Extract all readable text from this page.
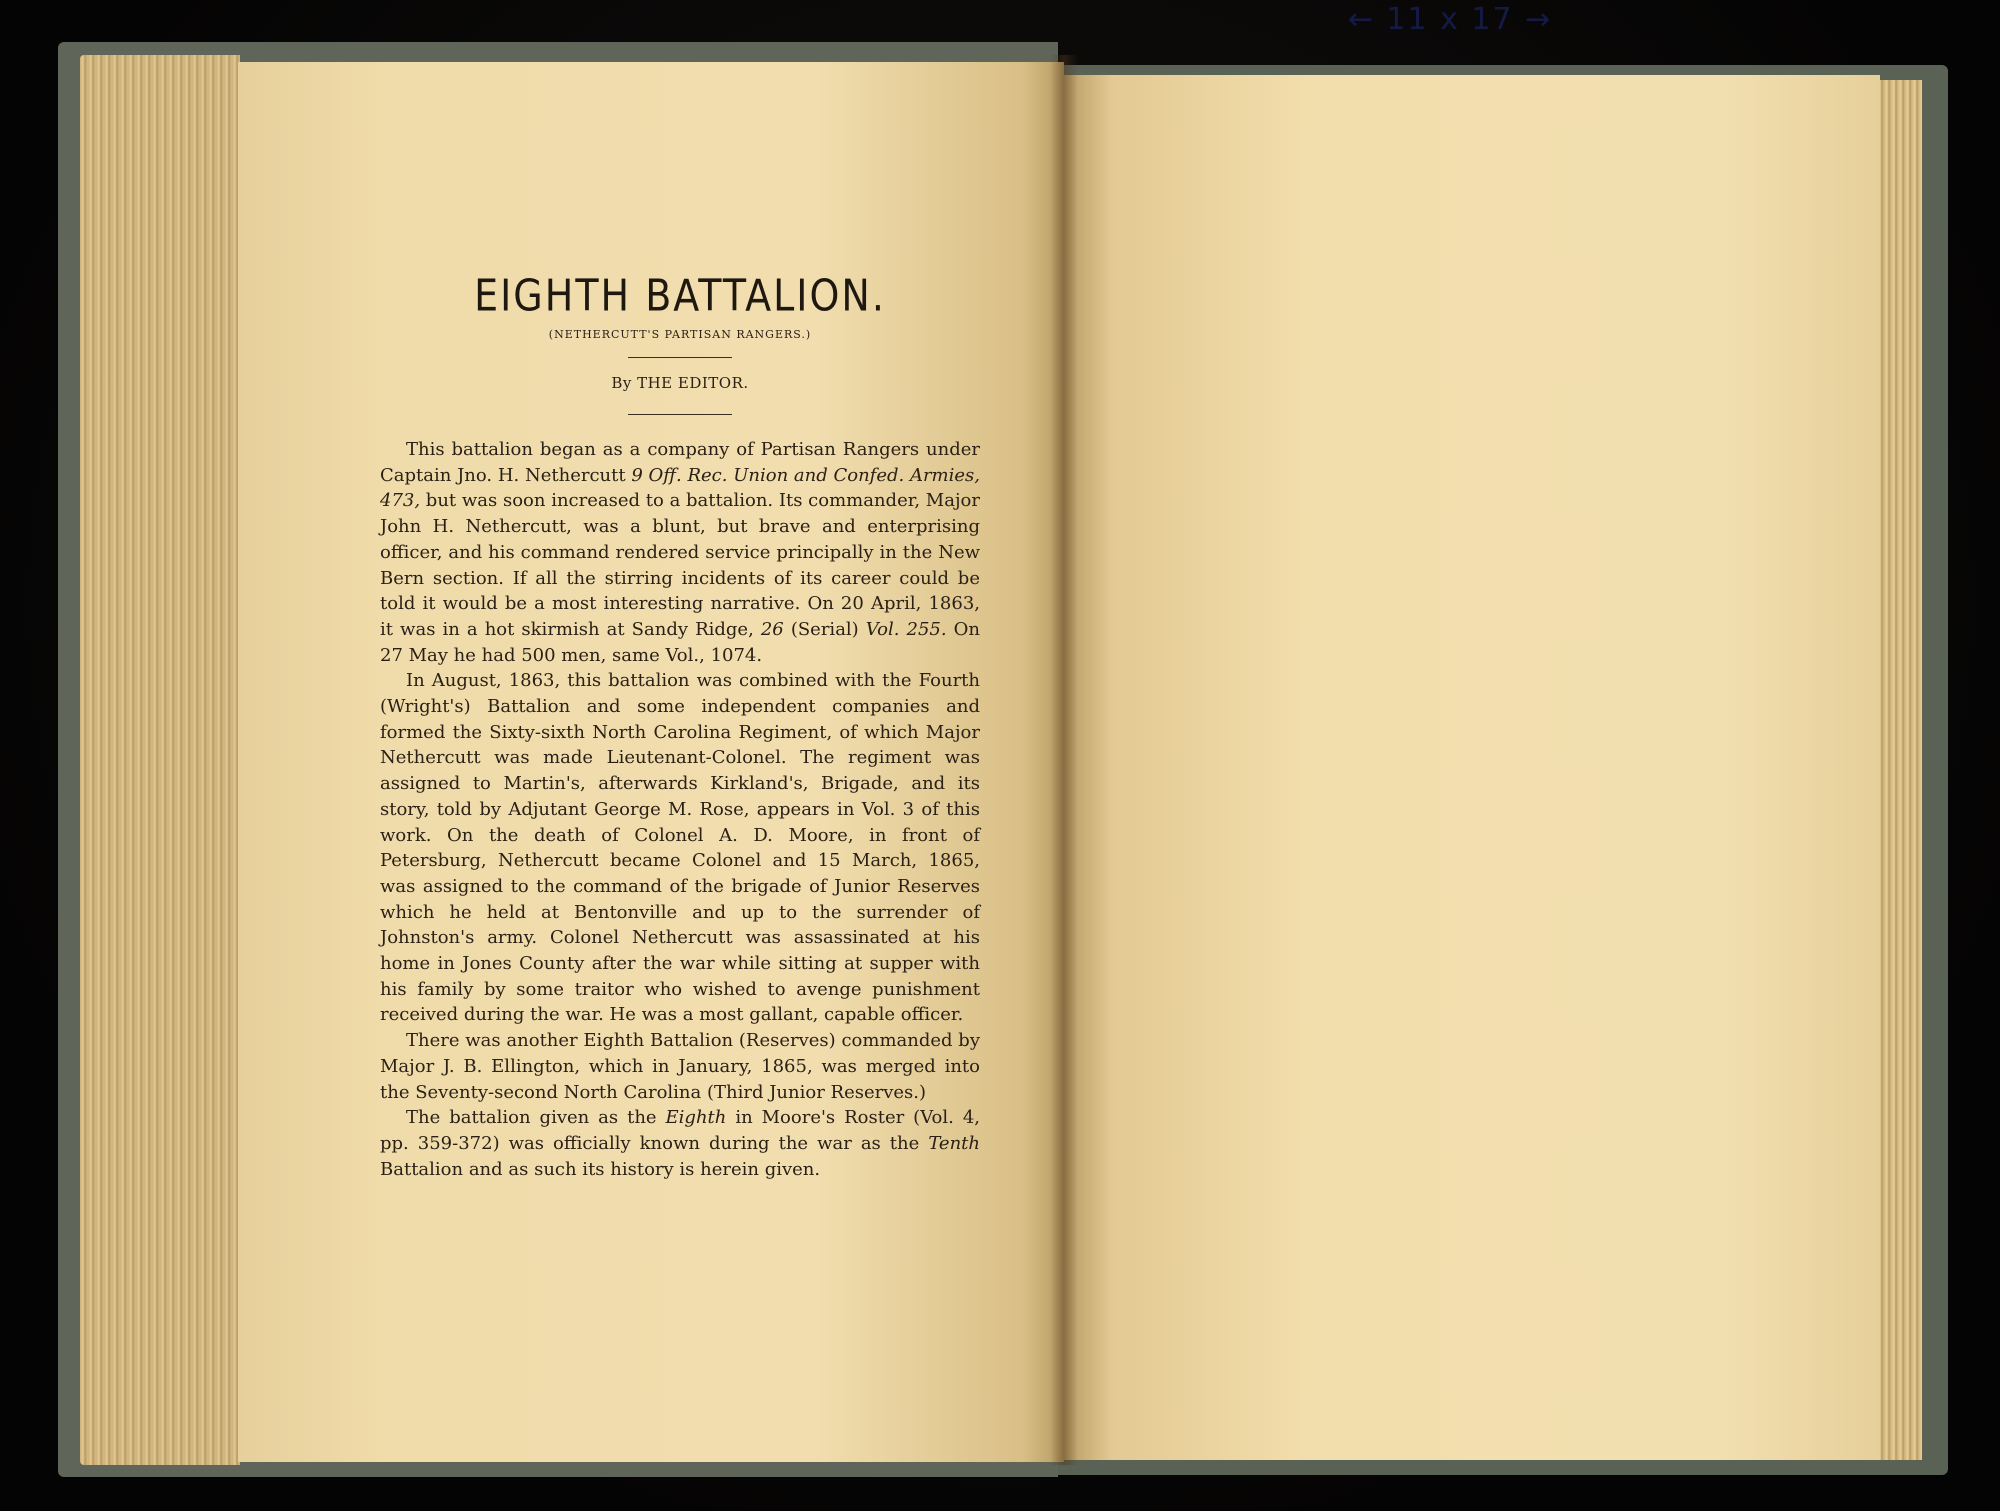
← 11 x 17 →
EIGHTH BATTALION.
(NETHERCUTT'S PARTISAN RANGERS.)
By THE EDITOR.

This battalion began as a company of Partisan Rangers under Captain Jno. H. Nethercutt 9 Off. Rec. Union and Confed. Armies, 473, but was soon increased to a battalion. Its commander, Major John H. Nethercutt, was a blunt, but brave and enterprising officer, and his command rendered service principally in the New Bern section. If all the stirring incidents of its career could be told it would be a most interesting narrative. On 20 April, 1863, it was in a hot skirmish at Sandy Ridge, 26 (Serial) Vol. 255. On 27 May he had 500 men, same Vol., 1074.

In August, 1863, this battalion was combined with the Fourth (Wright's) Battalion and some independent companies and formed the Sixty-sixth North Carolina Regiment, of which Major Nethercutt was made Lieutenant-Colonel. The regiment was assigned to Martin's, afterwards Kirkland's, Brigade, and its story, told by Adjutant George M. Rose, appears in Vol. 3 of this work. On the death of Colonel A. D. Moore, in front of Petersburg, Nethercutt became Colonel and 15 March, 1865, was assigned to the command of the brigade of Junior Reserves which he held at Bentonville and up to the surrender of Johnston's army. Colonel Nethercutt was assassinated at his home in Jones County after the war while sitting at supper with his family by some traitor who wished to avenge punishment received during the war. He was a most gallant, capable officer.

There was another Eighth Battalion (Reserves) commanded by Major J. B. Ellington, which in January, 1865, was merged into the Seventy-second North Carolina (Third Junior Reserves.)

The battalion given as the Eighth in Moore's Roster (Vol. 4, pp. 359-372) was officially known during the war as the Tenth Battalion and as such its history is herein given.
